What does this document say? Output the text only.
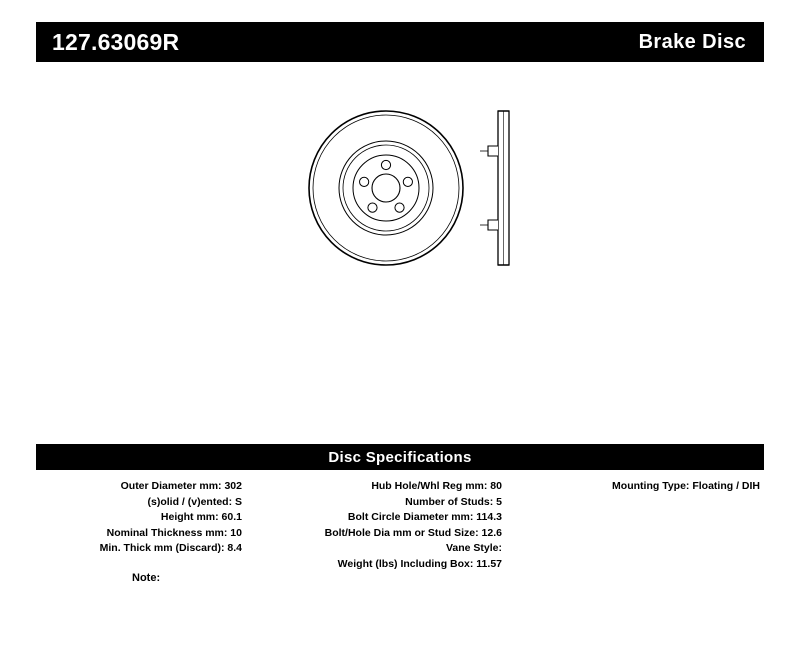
127.63069R	Brake Disc
Disc Specifications
Outer Diameter mm: 302
(s)olid / (v)ented: S
Height mm: 60.1
Nominal Thickness mm: 10
Min. Thick mm (Discard): 8.4
Hub Hole/Whl Reg mm: 80
Number of Studs: 5
Bolt Circle Diameter mm: 114.3
Bolt/Hole Dia mm or Stud Size: 12.6
Vane Style:
Weight (lbs) Including Box: 11.57
Mounting Type: Floating / DIH
Note:
